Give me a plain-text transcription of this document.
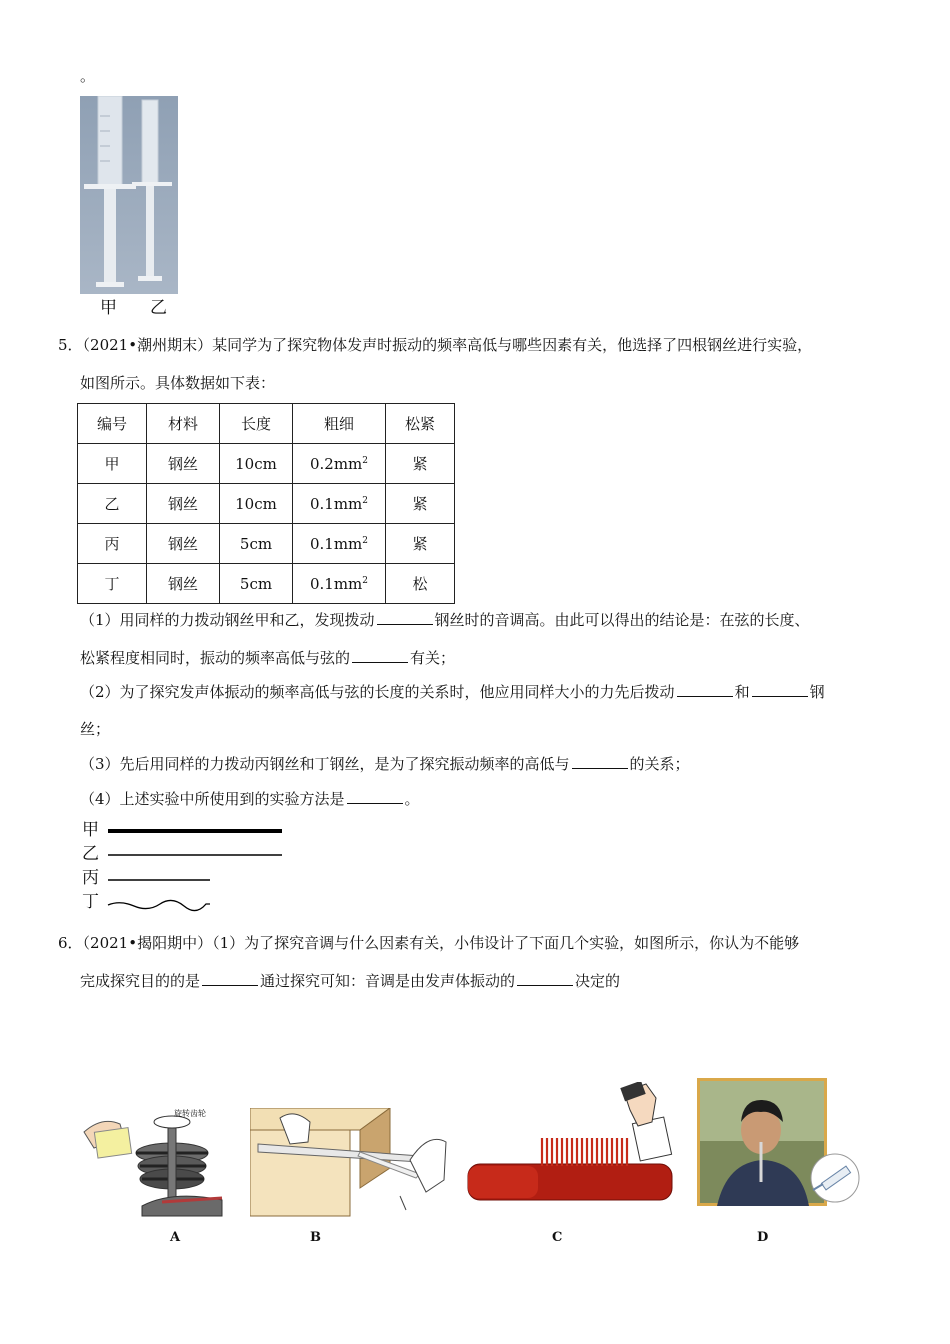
。
甲 乙
5．（2021•潮州期末）某同学为了探究物体发声时振动的频率高低与哪些因素有关，他选择了四根钢丝进行实验，
如图所示。具体数据如下表：
编号	材料	长度	粗细	松紧
甲	钢丝	10cm	$0.2mm^2$	紧
乙	钢丝	10cm	$0.1mm^2$	紧
丙	钢丝	5cm	$0.1mm^2$	紧
丁	钢丝	5cm	$0.1mm^2$	松
（1）用同样的力拨动钢丝甲和乙，发现拨动	钢丝时的音调高。由此可以得出的结论是：在弦的长度、
松紧程度相同时，振动的频率高低与弦的	有关；
（2）为了探究发声体振动的频率高低与弦的长度的关系时，他应用同样大小的力先后拨动	和	钢
丝；
（3）先后用同样的力拨动丙钢丝和丁钢丝，是为了探究振动频率的高低与	的关系；
（4）上述实验中所使用到的实验方法是	。
甲
乙
丙
丁
6．（2021•揭阳期中）（1）为了探究音调与什么因素有关，小伟设计了下面几个实验，如图所示，你认为不能够
完成探究目的的是	通过探究可知：音调是由发声体振动的	决定的
旋转齿轮
A	B	C	D
